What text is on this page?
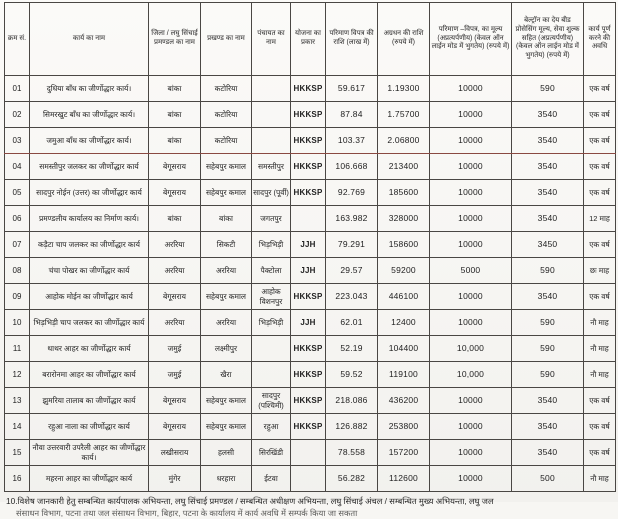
क्रम सं.	कार्य का नाम	जिला / लघु सिंचाई प्रमण्डल का नाम	प्रखण्ड का नाम	पंचायत का नाम	योजना का प्रकार	परिमाण विपत्र की राशि (लाख में)	अग्रधन की राशि (रुपये में)	परिमाण –विपत्र, का मूल्य (अप्रत्यर्पणीय) (केवल ऑन लाईन मोड में भुगतेय) (रुपये में)	बेल्ट्रॉन का देय बीड प्रोसेसिंग मूल्य, सेवा शुल्क सहित (अप्रत्यर्पणीय) (केवल ऑन लाईन मोड में भुगतेय) (रुपये में)	कार्य पूर्ण करने की अवधि
01	दुधिया बाँध का जीर्णोद्धार कार्य।	बांका	कटोरिया		HKKSP	59.617	1.19300	10000	590	एक वर्ष
02	सिमरखुट बाँध का जीर्णोद्धार कार्य।	बांका	कटोरिया		HKKSP	87.84	1.75700	10000	3540	एक वर्ष
03	जमुआ बाँध का जीर्णोद्धार कार्य।	बांका	कटोरिया		HKKSP	103.37	2.06800	10000	3540	एक वर्ष
04	समस्तीपुर जलकर का जीर्णोद्धार कार्य	बेगूसराय	सहेबपुर कमाल	समस्तीपुर	HKKSP	106.668	213400	10000	3540	एक वर्ष
05	सादपुर नोईन (उत्तर) का जीर्णोद्धार कार्य	बेगूसराय	सहेबपुर कमाल	सादपुर (पूर्वी)	HKKSP	92.769	185600	10000	3540	एक वर्ष
06	प्रमण्डलीय कार्यालय का निर्माण कार्य।	बांका	बांका	जगतपुर		163.982	328000	10000	3540	12 माह
07	कड़ैटा चाप जलकर का जीर्णोद्धार कार्य	अररिया	सिकटी	भिड़भिड़ी	JJH	79.291	158600	10000	3450	एक वर्ष
08	चंचा पोखर का जीर्णोद्धार कार्य	अररिया	अररिया	पैक्टोला	JJH	29.57	59200	5000	590	छः माह
09	आहोक मोईन का जीर्णोद्धार कार्य	बेगूसराय	सहेबपुर कमाल	आहोक विशनपुर	HKKSP	223.043	446100	10000	3540	एक वर्ष
10	भिड़भिड़ी चाप जलकर का जीर्णोद्धार कार्य	अररिया	अररिया	भिड़भिड़ी	JJH	62.01	12400	10000	590	नौ माह
11	थाथर आहर का जीर्णोद्धार कार्य	जमुई	लक्ष्मीपुर		HKKSP	52.19	104400	10,000	590	नौ माह
12	बरारोनमा आहर का जीर्णोद्धार कार्य	जमुई	खैरा		HKKSP	59.52	119100	10,000	590	नौ माह
13	झुमरिया तालाब का जीर्णोद्धार कार्य	बेगूसराय	सहेबपुर कमाल	सादपुर (पश्चिमी)	HKKSP	218.086	436200	10000	3540	एक वर्ष
14	रहुआ नाला का जीर्णोद्धार कार्य	बेगूसराय	सहेबपुर कमाल	रहुआ	HKKSP	126.882	253800	10000	3540	एक वर्ष
15	नौवा उत्तरवारी उपरैली आहर का जीर्णोद्धार कार्य।	लखीसराय	हलसी	सिरखिंडी		78.558	157200	10000	3540	एक वर्ष
16	महरना आहर का जीर्णोद्धार कार्य	मुंगेर	धरहारा	ईटवा		56.282	112600	10000	500	नौ माह
10.विशेष जानकारी हेतु सम्बन्धित कार्यपालक अभियन्ता, लघु सिंचाई प्रमण्डल / सम्बन्धित अधीक्षण अभियन्ता, लघु सिंचाई अंचल / सम्बन्धित मुख्य अभियन्ता, लघु जल
संसाधन विभाग, पटना तथा जल संसाधन विभाग, बिहार, पटना के कार्यालय में कार्य अवधि में सम्पर्क किया जा सकता
